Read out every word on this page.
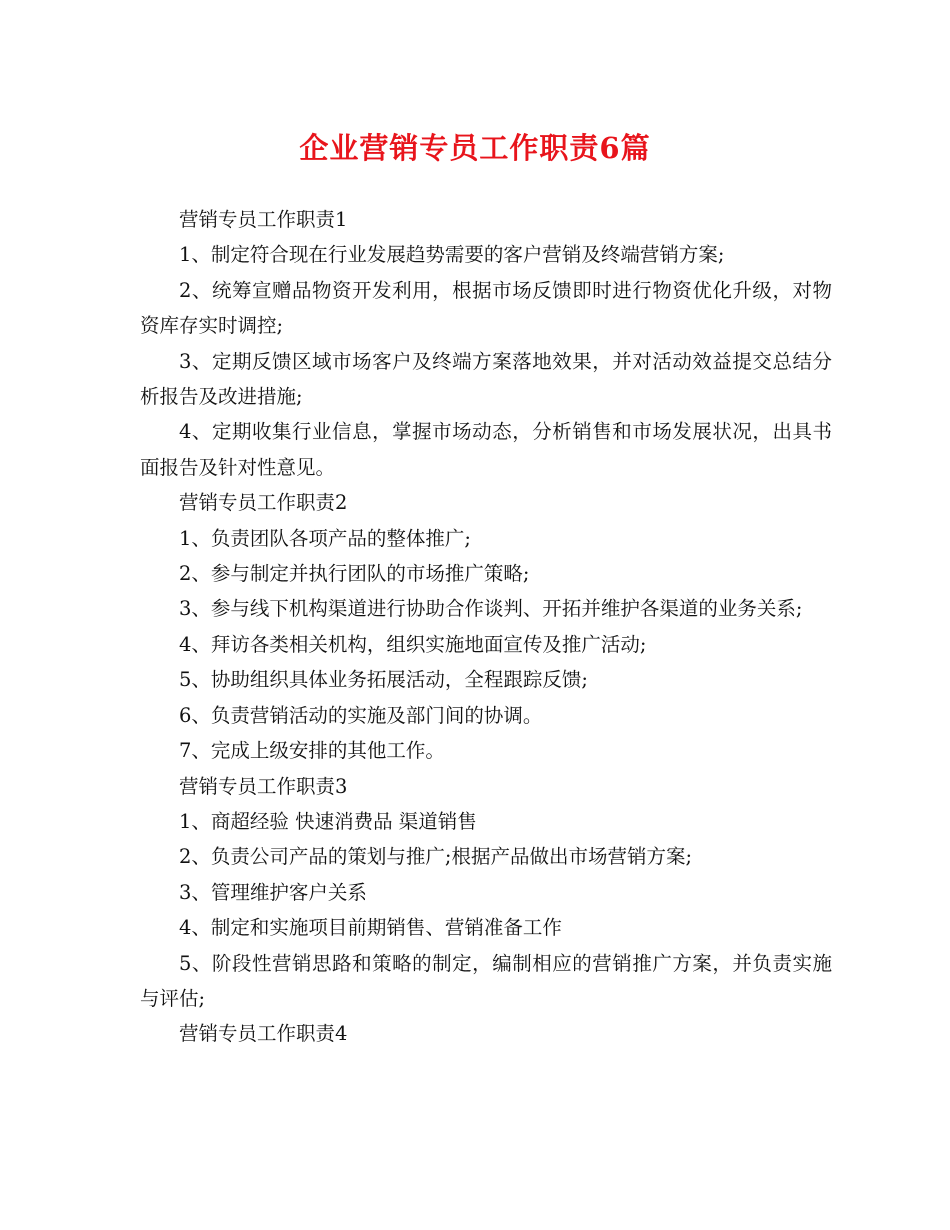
企业营销专员工作职责6篇

营销专员工作职责1

1、制定符合现在行业发展趋势需要的客户营销及终端营销方案;

2、统筹宣赠品物资开发利用，根据市场反馈即时进行物资优化升级，对物资库存实时调控;

3、定期反馈区域市场客户及终端方案落地效果，并对活动效益提交总结分析报告及改进措施;

4、定期收集行业信息，掌握市场动态，分析销售和市场发展状况，出具书面报告及针对性意见。

营销专员工作职责2

1、负责团队各项产品的整体推广;

2、参与制定并执行团队的市场推广策略;

3、参与线下机构渠道进行协助合作谈判、开拓并维护各渠道的业务关系;

4、拜访各类相关机构，组织实施地面宣传及推广活动;

5、协助组织具体业务拓展活动，全程跟踪反馈;

6、负责营销活动的实施及部门间的协调。

7、完成上级安排的其他工作。

营销专员工作职责3

1、商超经验 快速消费品 渠道销售

2、负责公司产品的策划与推广;根据产品做出市场营销方案;

3、管理维护客户关系

4、制定和实施项目前期销售、营销准备工作

5、阶段性营销思路和策略的制定，编制相应的营销推广方案，并负责实施与评估;

营销专员工作职责4
